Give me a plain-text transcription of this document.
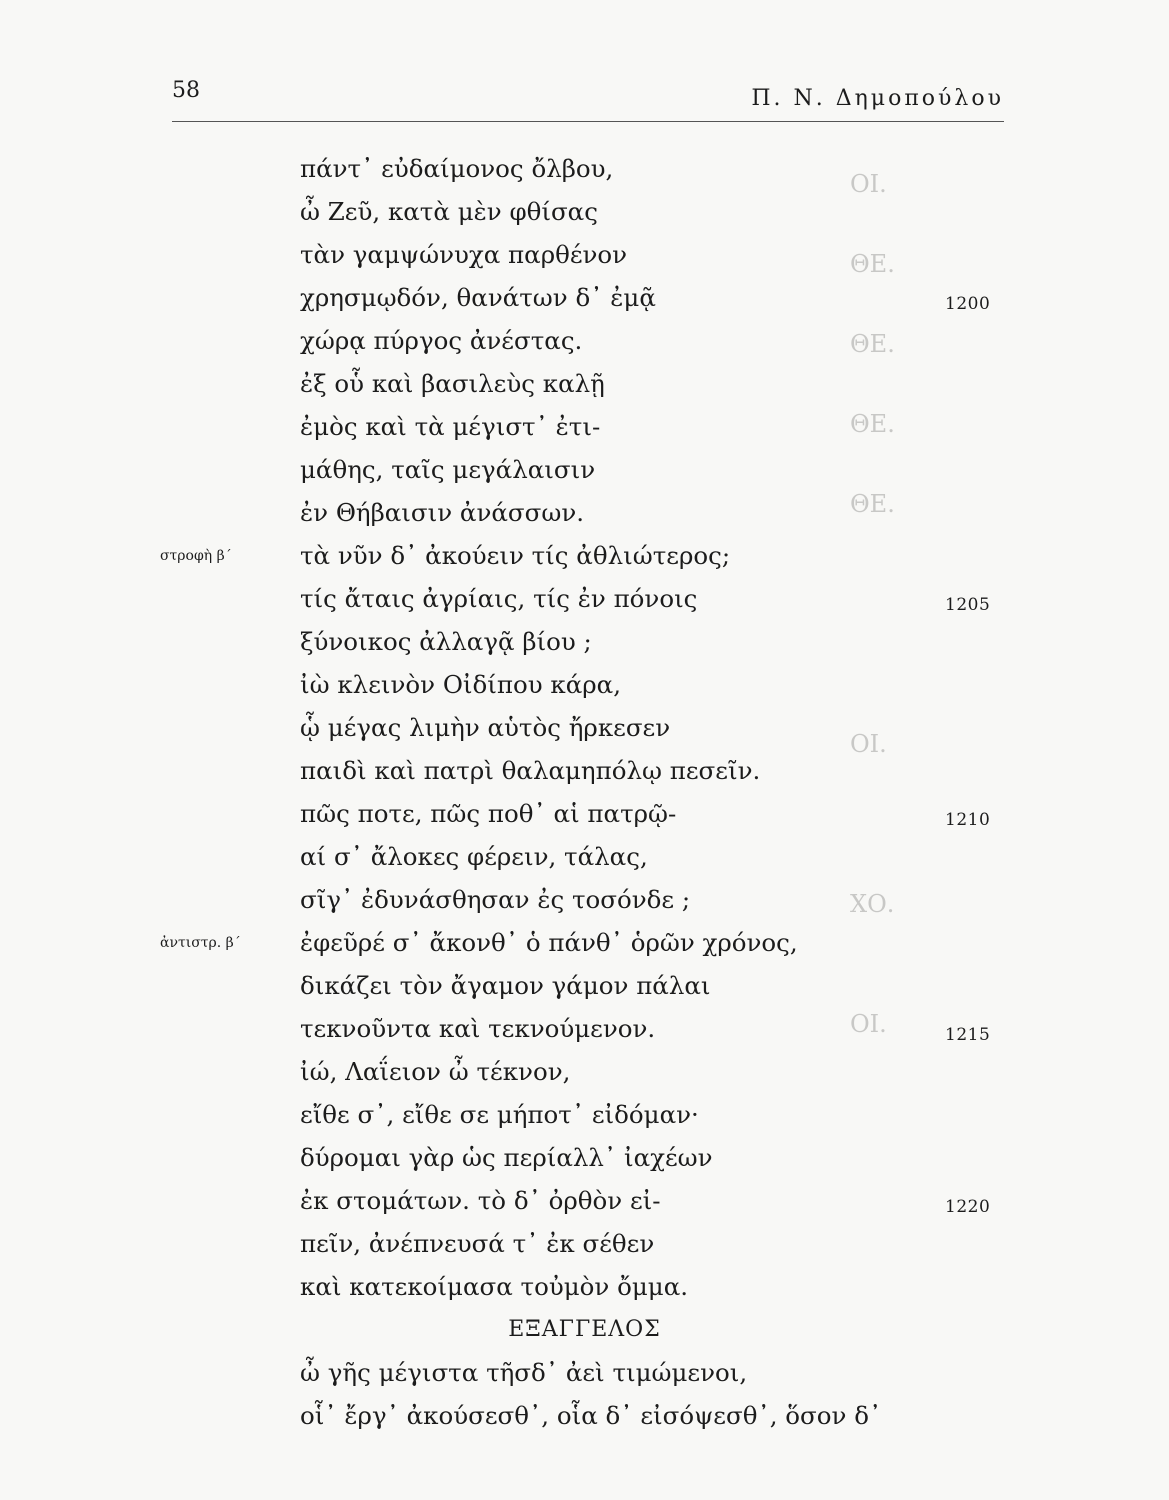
58	Π. Ν. Δημοπούλου
ΟΙ.
ΘΕ.
ΘΕ.
ΘΕ.
ΘΕ.
ΟΙ.
ΧΟ.
ΟΙ.
πάντ᾽ εὐδαίμονος ὄλβου,
ὦ Ζεῦ, κατὰ μὲν φθίσας
τὰν γαμψώνυχα παρθένον
χρησμῳδόν, θανάτων δ᾽ ἐμᾷ
χώρᾳ πύργος ἀνέστας.
ἐξ οὗ καὶ βασιλεὺς καλῇ
ἐμὸς καὶ τὰ μέγιστ᾽ ἐτι-
μάθης, ταῖς μεγάλαισιν
ἐν Θήβαισιν ἀνάσσων.
τὰ νῦν δ᾽ ἀκούειν τίς ἀθλιώτερος;
τίς ἄταις ἀγρίαις, τίς ἐν πόνοις
ξύνοικος ἀλλαγᾷ βίου ;
ἰὼ κλεινὸν Οἰδίπου κάρα,
ᾧ μέγας λιμὴν αὑτὸς ἤρκεσεν
παιδὶ καὶ πατρὶ θαλαμηπόλῳ πεσεῖν.
πῶς ποτε, πῶς ποθ᾽ αἱ πατρῷ-
αί σ᾽ ἄλοκες φέρειν, τάλας,
σῖγ᾽ ἐδυνάσθησαν ἐς τοσόνδε ;
ἐφεῦρέ σ᾽ ἄκονθ᾽ ὁ πάνθ᾽ ὁρῶν χρόνος,
δικάζει τὸν ἄγαμον γάμον πάλαι
τεκνοῦντα καὶ τεκνούμενον.
ἰώ, Λαΐειον ὦ τέκνον,
εἴθε σ᾽, εἴθε σε μήποτ᾽ εἰδόμαν·
δύρομαι γὰρ ὡς περίαλλ᾽ ἰαχέων
ἐκ στομάτων. τὸ δ᾽ ὀρθὸν εἰ-
πεῖν, ἀνέπνευσά τ᾽ ἐκ σέθεν
καὶ κατεκοίμασα τοὐμὸν ὄμμα.
στροφὴ β΄
ἀντιστρ. β΄
1200
1205
1210
1215
1220
ΕΞΑΓΓΕΛΟΣ
ὦ γῆς μέγιστα τῆσδ᾽ ἀεὶ τιμώμενοι,
οἷ᾽ ἔργ᾽ ἀκούσεσθ᾽, οἷα δ᾽ εἰσόψεσθ᾽, ὅσον δ᾽
